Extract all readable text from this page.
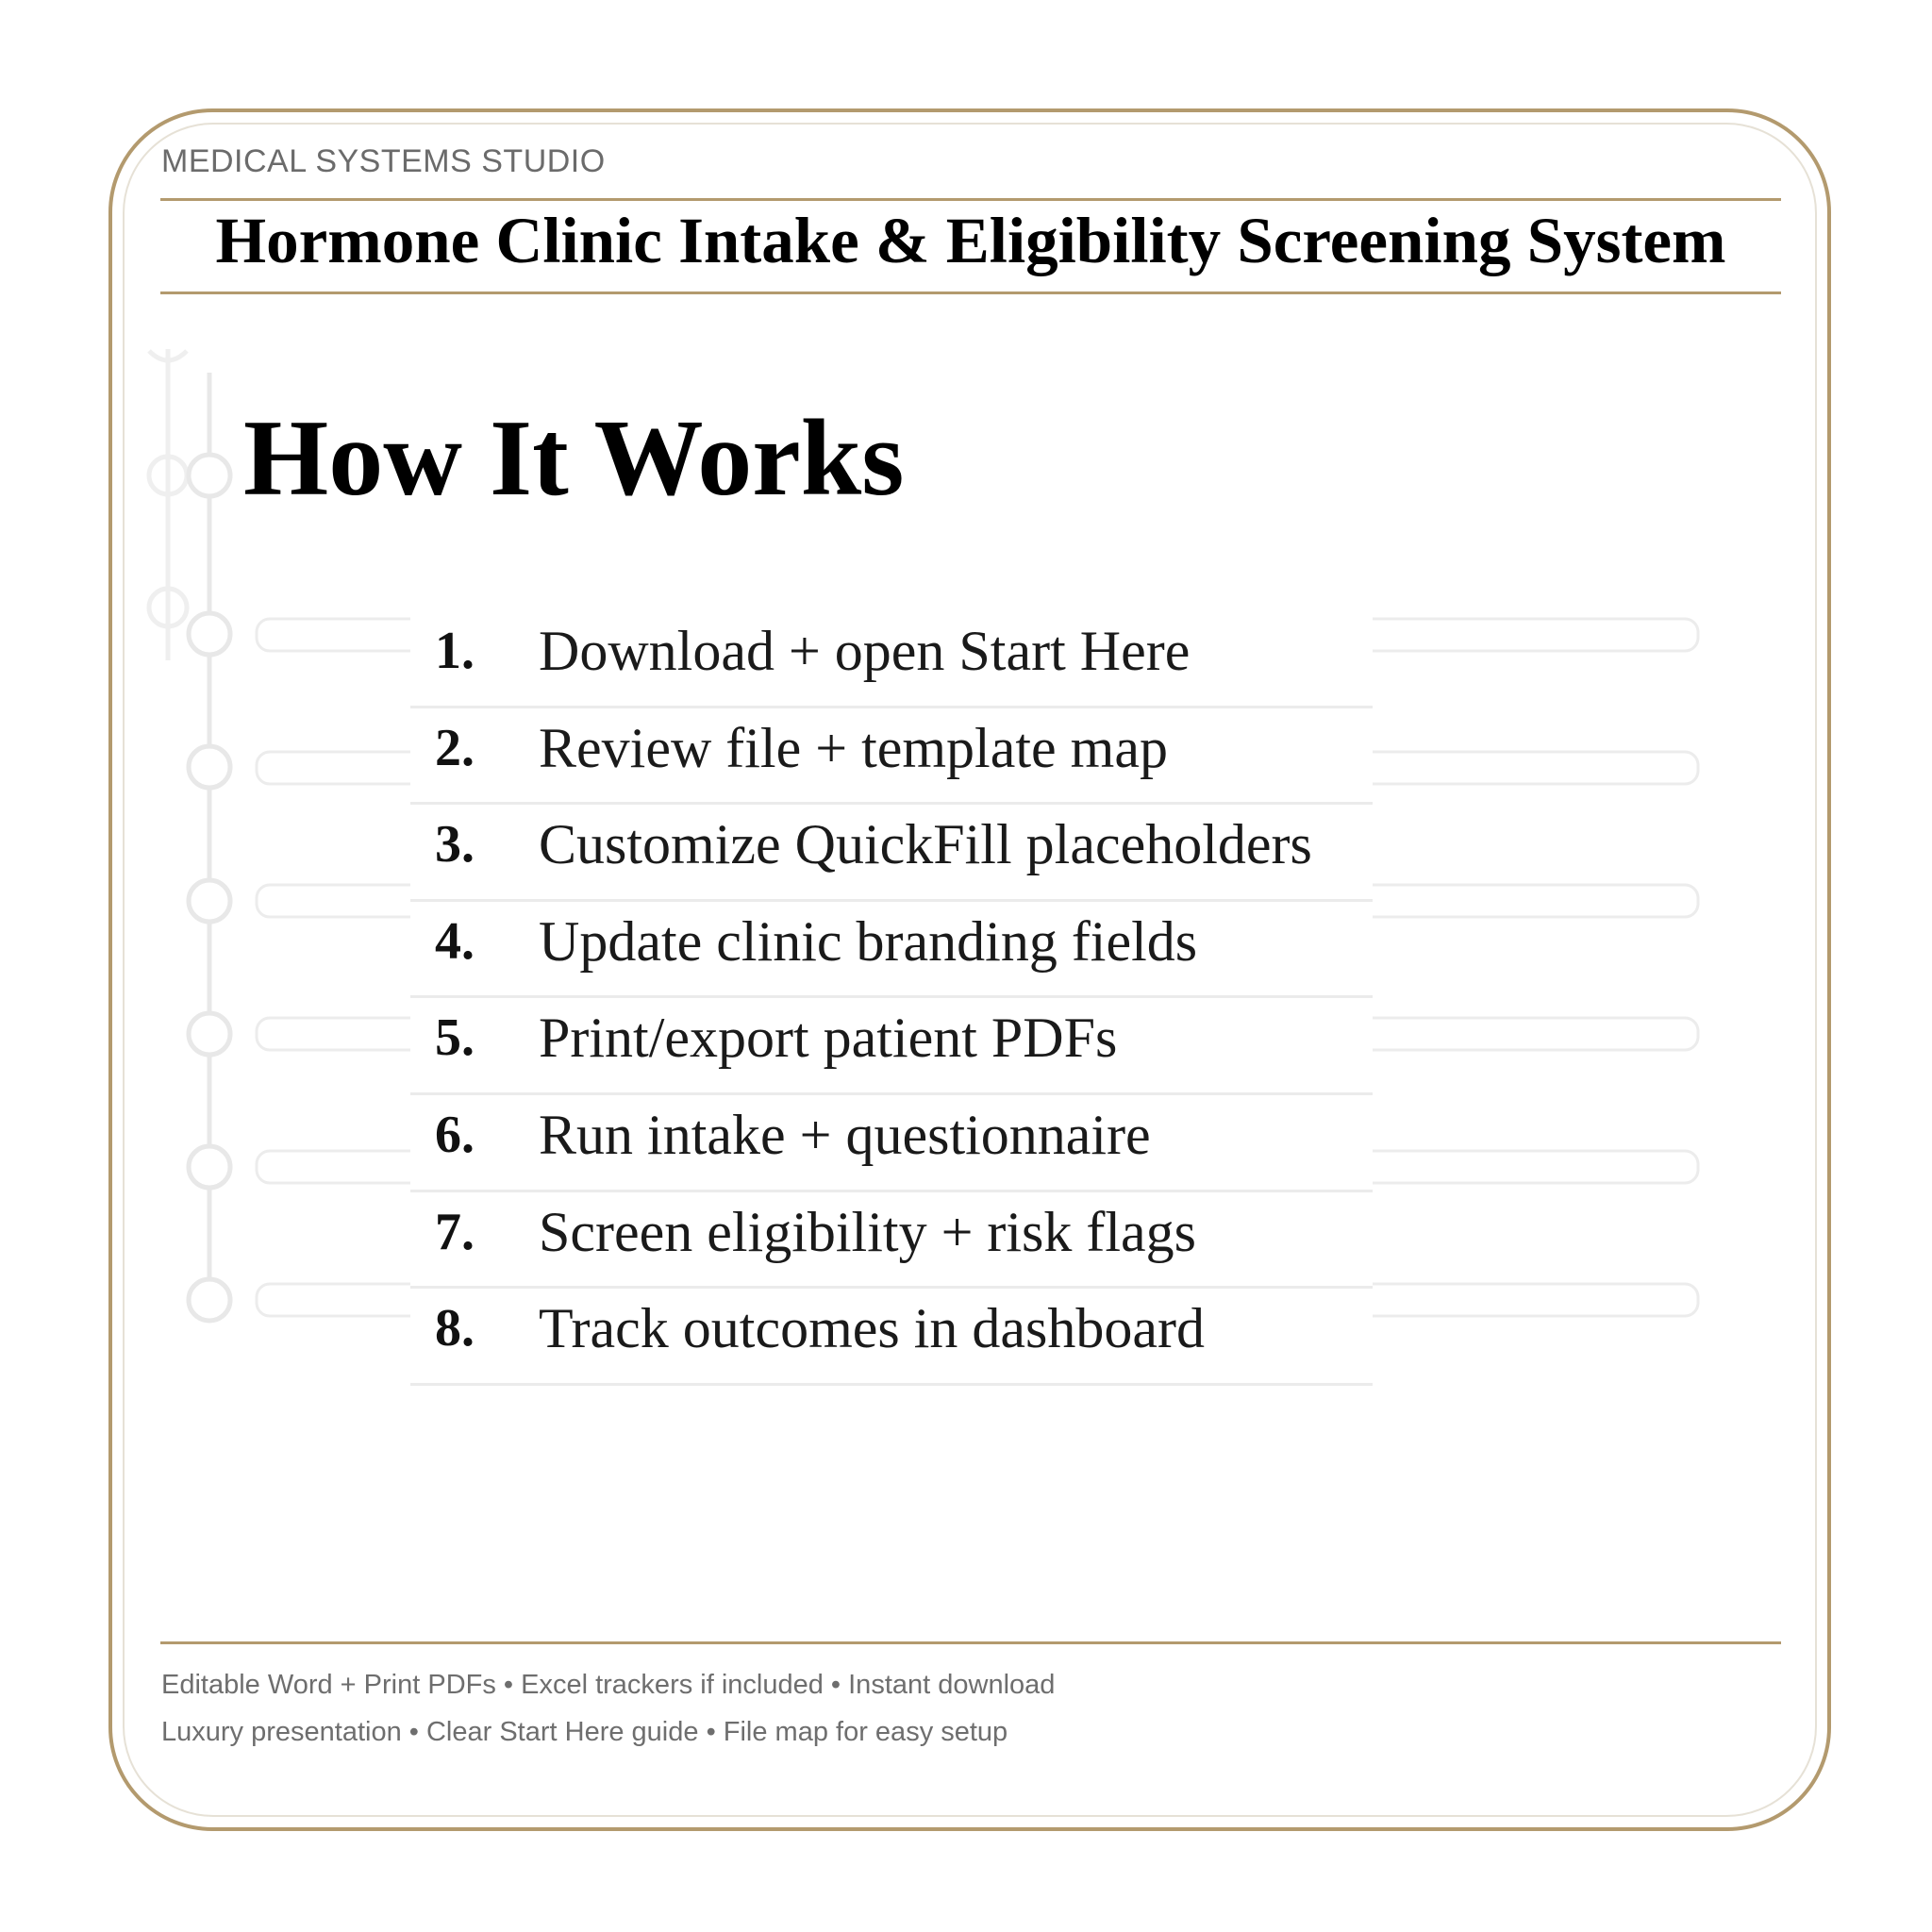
MEDICAL SYSTEMS STUDIO
Hormone Clinic Intake & Eligibility Screening System
How It Works
1. Download + open Start Here
2. Review file + template map
3. Customize QuickFill placeholders
4. Update clinic branding fields
5. Print/export patient PDFs
6. Run intake + questionnaire
7. Screen eligibility + risk flags
8. Track outcomes in dashboard
Editable Word + Print PDFs • Excel trackers if included • Instant download
Luxury presentation • Clear Start Here guide • File map for easy setup
